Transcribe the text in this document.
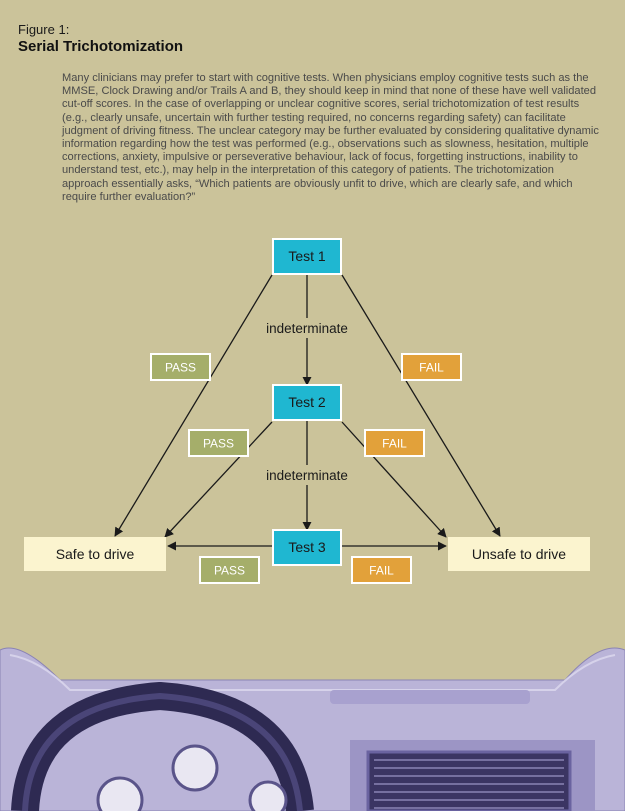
Figure 1:
Serial Trichotomization

Many clinicians may prefer to start with cognitive tests. When physicians employ cognitive tests such as the MMSE, Clock Drawing and/or Trails A and B, they should keep in mind that none of these have well validated cut-off scores. In the case of overlapping or unclear cognitive scores, serial trichotomization of test results (e.g., clearly unsafe, uncertain with further testing required, no concerns regarding safety) can facilitate judgment of driving fitness. The unclear category may be further evaluated by considering qualitative dynamic information regarding how the test was performed (e.g., observations such as slowness, hesitation, multiple corrections, anxiety, impulsive or perseverative behaviour, lack of focus, forgetting instructions, inability to understand test, etc.), may help in the interpretation of this category of patients. The trichotomization approach essentially asks, “Which patients are obviously unfit to drive, which are clearly safe, and which require further evaluation?”

indeterminate
indeterminate
PASS	FAIL
PASS	FAIL
PASS	FAIL
Test 1
Test 2
Test 3
Safe to drive	Unsafe to drive
